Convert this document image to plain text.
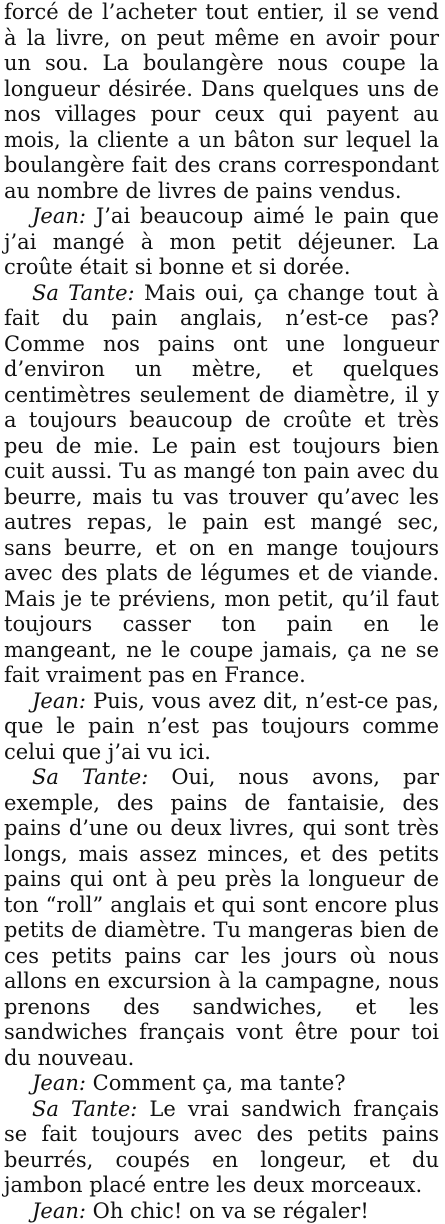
forcé de l’acheter tout entier, il se vend à la livre, on peut même en avoir pour un sou. La boulangère nous coupe la longueur désirée. Dans quelques uns de nos villages pour ceux qui payent au mois, la cliente a un bâton sur lequel la boulangère fait des crans correspondant au nombre de livres de pains vendus.

Jean: J’ai beaucoup aimé le pain que j’ai mangé à mon petit déjeuner. La croûte était si bonne et si dorée.

Sa Tante: Mais oui, ça change tout à fait du pain anglais, n’est-ce pas? Comme nos pains ont une longueur d’environ un mètre, et quelques centimètres seulement de diamètre, il y a toujours beaucoup de croûte et très peu de mie. Le pain est toujours bien cuit aussi. Tu as mangé ton pain avec du beurre, mais tu vas trouver qu’avec les autres repas, le pain est mangé sec, sans beurre, et on en mange toujours avec des plats de légumes et de viande. Mais je te préviens, mon petit, qu’il faut toujours casser ton pain en le mangeant, ne le coupe jamais, ça ne se fait vraiment pas en France.

Jean: Puis, vous avez dit, n’est-ce pas, que le pain n’est pas toujours comme celui que j’ai vu ici.

Sa Tante: Oui, nous avons, par exemple, des pains de fantaisie, des pains d’une ou deux livres, qui sont très longs, mais assez minces, et des petits pains qui ont à peu près la longueur de ton “roll” anglais et qui sont encore plus petits de diamètre. Tu mangeras bien de ces petits pains car les jours où nous allons en excursion à la campagne, nous prenons des sandwiches, et les sandwiches français vont être pour toi du nouveau.

Jean: Comment ça, ma tante?

Sa Tante: Le vrai sandwich français se fait toujours avec des petits pains beurrés, coupés en longeur, et du jambon placé entre les deux morceaux.

Jean: Oh chic! on va se régaler!
